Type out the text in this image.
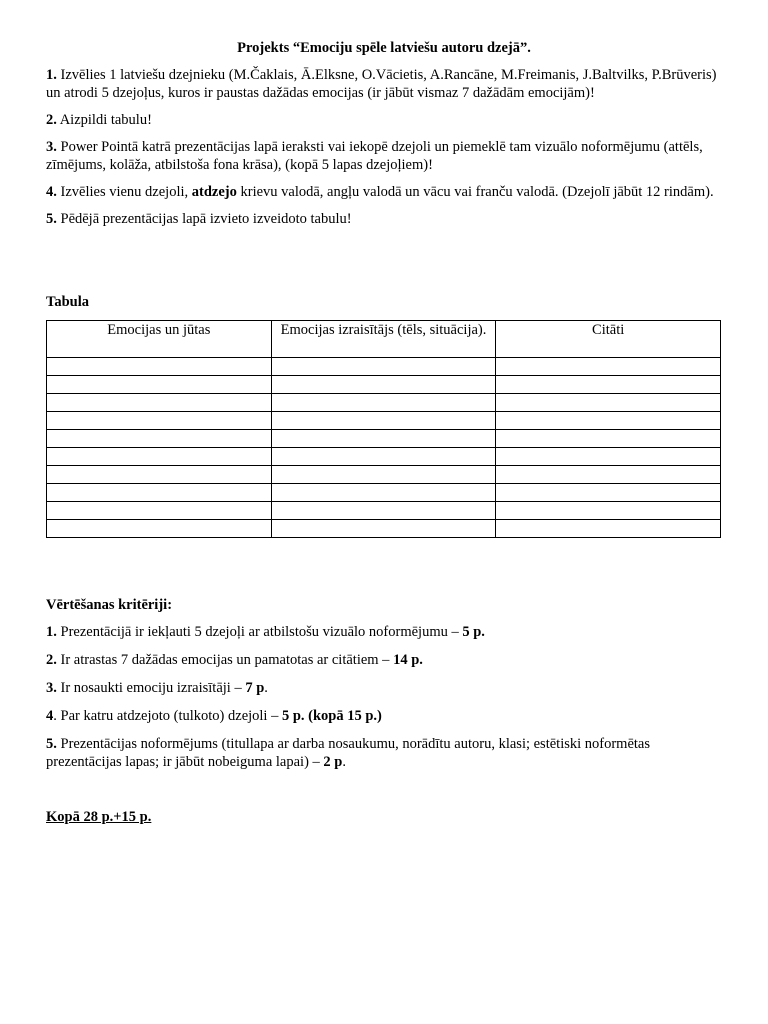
Projekts “Emociju spēle latviešu autoru dzejā”.

1. Izvēlies 1 latviešu dzejnieku (M.Čaklais, Ā.Elksne, O.Vācietis, A.Rancāne, M.Freimanis, J.Baltvilks, P.Brūveris) un atrodi 5 dzejoļus, kuros ir paustas dažādas emocijas (ir jābūt vismaz 7 dažādām emocijām)!

2. Aizpildi tabulu!

3. Power Pointā katrā prezentācijas lapā ieraksti vai iekopē dzejoli un piemeklē tam vizuālo noformējumu (attēls, zīmējums, kolāža, atbilstoša fona krāsa), (kopā 5 lapas dzejoļiem)!

4. Izvēlies vienu dzejoli, atdzejo krievu valodā, angļu valodā un vācu vai franču valodā. (Dzejolī jābūt 12 rindām).

5. Pēdējā prezentācijas lapā izvieto izveidoto tabulu!

Tabula

Emocijas un jūtas	Emocijas izraisītājs (tēls, situācija).	Citāti

Vērtēšanas kritēriji:

1. Prezentācijā ir iekļauti 5 dzejoļi ar atbilstošu vizuālo noformējumu – 5 p.

2. Ir atrastas 7 dažādas emocijas un pamatotas ar citātiem – 14 p.

3. Ir nosaukti emociju izraisītāji – 7 p.

4. Par katru atdzejoto (tulkoto) dzejoli – 5 p. (kopā 15 p.)

5. Prezentācijas noformējums (titullapa ar darba nosaukumu, norādītu autoru, klasi; estētiski noformētas prezentācijas lapas; ir jābūt nobeiguma lapai) – 2 p.

Kopā 28 p.+15 p.
